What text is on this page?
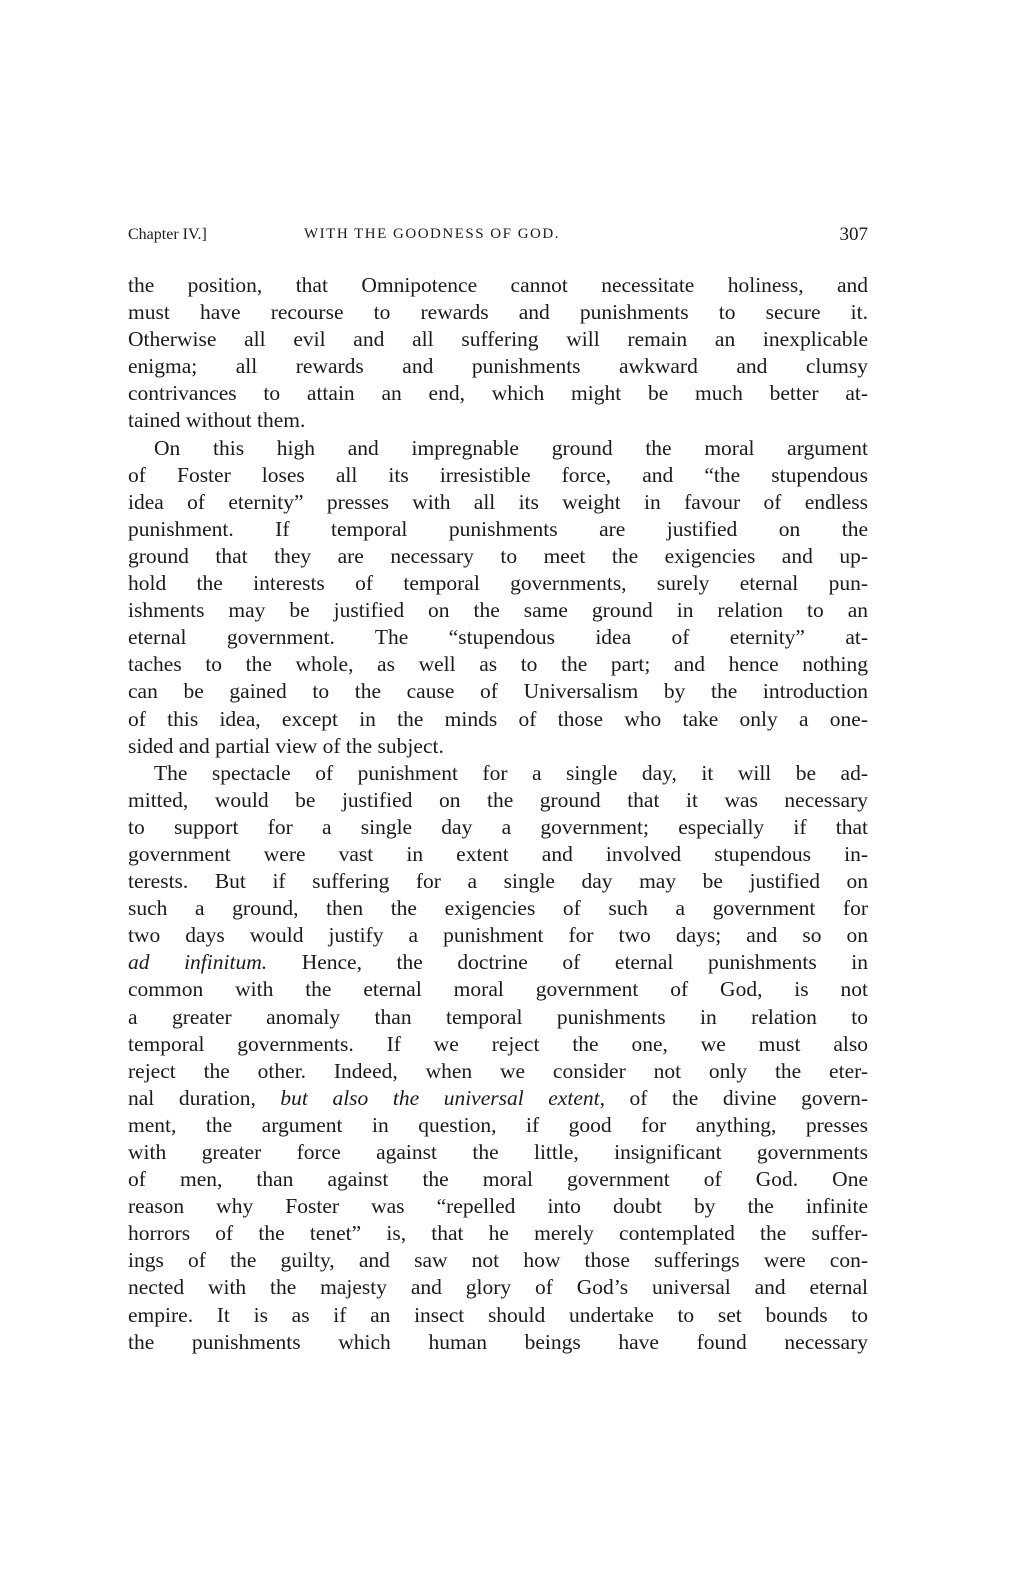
Chapter IV.]	WITH THE GOODNESS OF GOD.	307
the position, that Omnipotence cannot necessitate holiness, and
must have recourse to rewards and punishments to secure it.
Otherwise all evil and all suffering will remain an inexplicable
enigma; all rewards and punishments awkward and clumsy
contrivances to attain an end, which might be much better at-
tained without them.
On this high and impregnable ground the moral argument
of Foster loses all its irresistible force, and “the stupendous
idea of eternity” presses with all its weight in favour of endless
punishment. If temporal punishments are justified on the
ground that they are necessary to meet the exigencies and up-
hold the interests of temporal governments, surely eternal pun-
ishments may be justified on the same ground in relation to an
eternal government. The “stupendous idea of eternity” at-
taches to the whole, as well as to the part; and hence nothing
can be gained to the cause of Universalism by the introduction
of this idea, except in the minds of those who take only a one-
sided and partial view of the subject.
The spectacle of punishment for a single day, it will be ad-
mitted, would be justified on the ground that it was necessary
to support for a single day a government; especially if that
government were vast in extent and involved stupendous in-
terests. But if suffering for a single day may be justified on
such a ground, then the exigencies of such a government for
two days would justify a punishment for two days; and so on
ad infinitum. Hence, the doctrine of eternal punishments in
common with the eternal moral government of God, is not
a greater anomaly than temporal punishments in relation to
temporal governments. If we reject the one, we must also
reject the other. Indeed, when we consider not only the eter-
nal duration, but also the universal extent, of the divine govern-
ment, the argument in question, if good for anything, presses
with greater force against the little, insignificant governments
of men, than against the moral government of God. One
reason why Foster was “repelled into doubt by the infinite
horrors of the tenet” is, that he merely contemplated the suffer-
ings of the guilty, and saw not how those sufferings were con-
nected with the majesty and glory of God’s universal and eternal
empire. It is as if an insect should undertake to set bounds to
the punishments which human beings have found necessary
